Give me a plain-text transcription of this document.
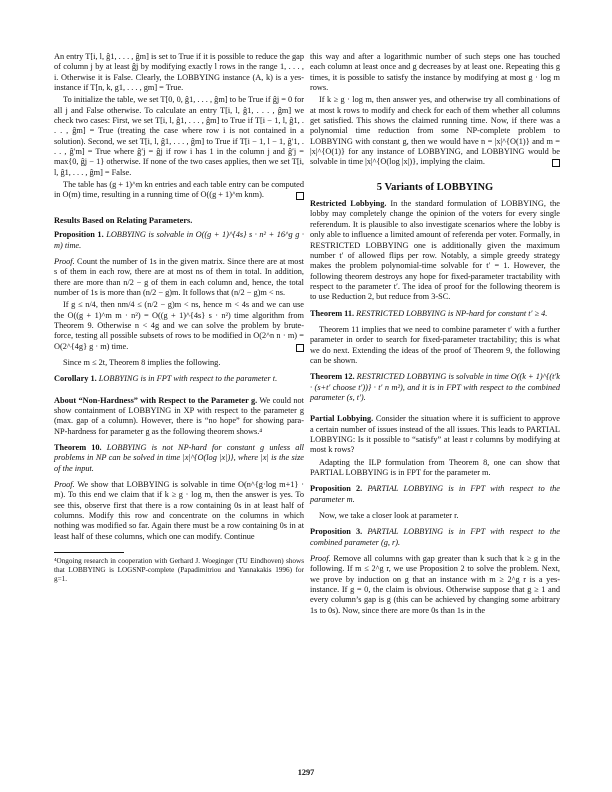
An entry T[i, l, ĝ1, . . . , ĝm] is set to True if it is possible to reduce the gap of column j by at least ĝj by modifying exactly l rows in the range 1, . . . , i. Otherwise it is False. Clearly, the LOBBYING instance (A, k) is a yes-instance if T[n, k, g1, . . . , gm] = True.

To initialize the table, we set T[0, 0, ĝ1, . . . , ĝm] to be True if ĝj = 0 for all j and False otherwise. To calculate an entry T[i, l, ĝ1, . . . , ĝm] we check two cases: First, we set T[i, l, ĝ1, . . . , ĝm] to True if T[i − 1, l, ĝ1, . . . , ĝm] = True (treating the case where row i is not contained in a solution). Second, we set T[i, l, ĝ1, . . . , ĝm] to True if T[i − 1, l − 1, ĝ′1, . . . , ĝ′m] = True where ĝ′j = ĝj if row i has 1 in the column j and ĝ′j = max{0, ĝj − 1} otherwise. If none of the two cases applies, then we set T[i, l, ĝ1, . . . , ĝm] = False.

The table has (g + 1)^m kn entries and each table entry can be computed in O(m) time, resulting in a running time of O((g + 1)^m knm).

Results Based on Relating Parameters.

Proposition 1. LOBBYING is solvable in O((g + 1)^{4s} s · n² + 16^g g · m) time.

Proof. Count the number of 1s in the given matrix. Since there are at most s of them in each row, there are at most ns of them in total. In addition, there are more than n/2 − g of them in each column and, hence, the total number of 1s is more than (n/2 − g)m. It follows that (n/2 − g)m < ns.

If g ≤ n/4, then nm/4 ≤ (n/2 − g)m < ns, hence m < 4s and we can use the O((g + 1)^m m · n²) = O((g + 1)^{4s} s · n²) time algorithm from Theorem 9. Otherwise n < 4g and we can solve the problem by brute-force, testing all possible subsets of rows to be modified in O(2^n n · m) = O(2^{4g} g · m) time.

Since m ≤ 2t, Theorem 8 implies the following.

Corollary 1. LOBBYING is in FPT with respect to the parameter t.

About “Non-Hardness” with Respect to the Parameter g. We could not show containment of LOBBYING in XP with respect to the parameter g (max. gap of a column). However, there is “no hope” for showing para-NP-hardness for parameter g as the following theorem shows.⁴

Theorem 10. LOBBYING is not NP-hard for constant g unless all problems in NP can be solved in time |x|^{O(log |x|)}, where |x| is the size of the input.

Proof. We show that LOBBYING is solvable in time O(n^{g·log m+1} · m). To this end we claim that if k ≥ g · log m, then the answer is yes. To see this, observe first that there is a row containing 0s in at least half of columns. Modify this row and concentrate on the columns in which nothing was modified so far. Again there must be a row containing 0s in at least half of these columns, which one can modify. Continue

⁴Ongoing research in cooperation with Gerhard J. Woeginger (TU Eindhoven) shows that LOBBYING is LOGSNP-complete (Papadimitriou and Yannakakis 1996) for g=1.

this way and after a logarithmic number of such steps one has touched each column at least once and g decreases by at least one. Repeating this g times, it is possible to satisfy the instance by modifying at most g · log m rows.

If k ≥ g · log m, then answer yes, and otherwise try all combinations of at most k rows to modify and check for each of them whether all columns get satisfied. This shows the claimed running time. Now, if there was a polynomial time reduction from some NP-complete problem to LOBBYING with constant g, then we would have n = |x|^{O(1)} and m = |x|^{O(1)} for any instance of LOBBYING, and LOBBYING would be solvable in time |x|^{O(log |x|)}, implying the claim.

5 Variants of LOBBYING

Restricted Lobbying. In the standard formulation of LOBBYING, the lobby may completely change the opinion of the voters for every single referendum. It is plausible to also investigate scenarios where the lobby is only able to influence a limited amount of referenda per voter. Formally, in RESTRICTED LOBBYING one is additionally given the maximum number t′ of allowed flips per row. Notably, a simple greedy strategy makes the problem polynomial-time solvable for t′ = 1. However, the following theorem destroys any hope for fixed-parameter tractability with respect to the parameter t′. The idea of proof for the following theorem is to use Reduction 2, but reduce from 3-SC.

Theorem 11. RESTRICTED LOBBYING is NP-hard for constant t′ ≥ 4.

Theorem 11 implies that we need to combine parameter t′ with a further parameter in order to search for fixed-parameter tractability; this is what we do next. Extending the ideas of the proof of Theorem 9, the following can be shown.

Theorem 12. RESTRICTED LOBBYING is solvable in time O((k + 1)^{(t′k · (s+t′ choose t′))} · t′ n m²), and it is in FPT with respect to the combined parameter (s, t′).

Partial Lobbying. Consider the situation where it is sufficient to approve a certain number of issues instead of the all issues. This leads to PARTIAL LOBBYING: Is it possible to “satisfy” at least r columns by modifying at most k rows?

Adapting the ILP formulation from Theorem 8, one can show that PARTIAL LOBBYING is in FPT for the parameter m.

Proposition 2. PARTIAL LOBBYING is in FPT with respect to the parameter m.

Now, we take a closer look at parameter r.

Proposition 3. PARTIAL LOBBYING is in FPT with respect to the combined parameter (g, r).

Proof. Remove all columns with gap greater than k such that k ≥ g in the following. If m ≤ 2^g r, we use Proposition 2 to solve the problem. Next, we prove by induction on g that an instance with m ≥ 2^g r is a yes-instance. If g = 0, the claim is obvious. Otherwise suppose that g ≥ 1 and every column’s gap is g (this can be achieved by changing some arbitrary 1s to 0s). Now, since there are more 0s than 1s in the

1297
